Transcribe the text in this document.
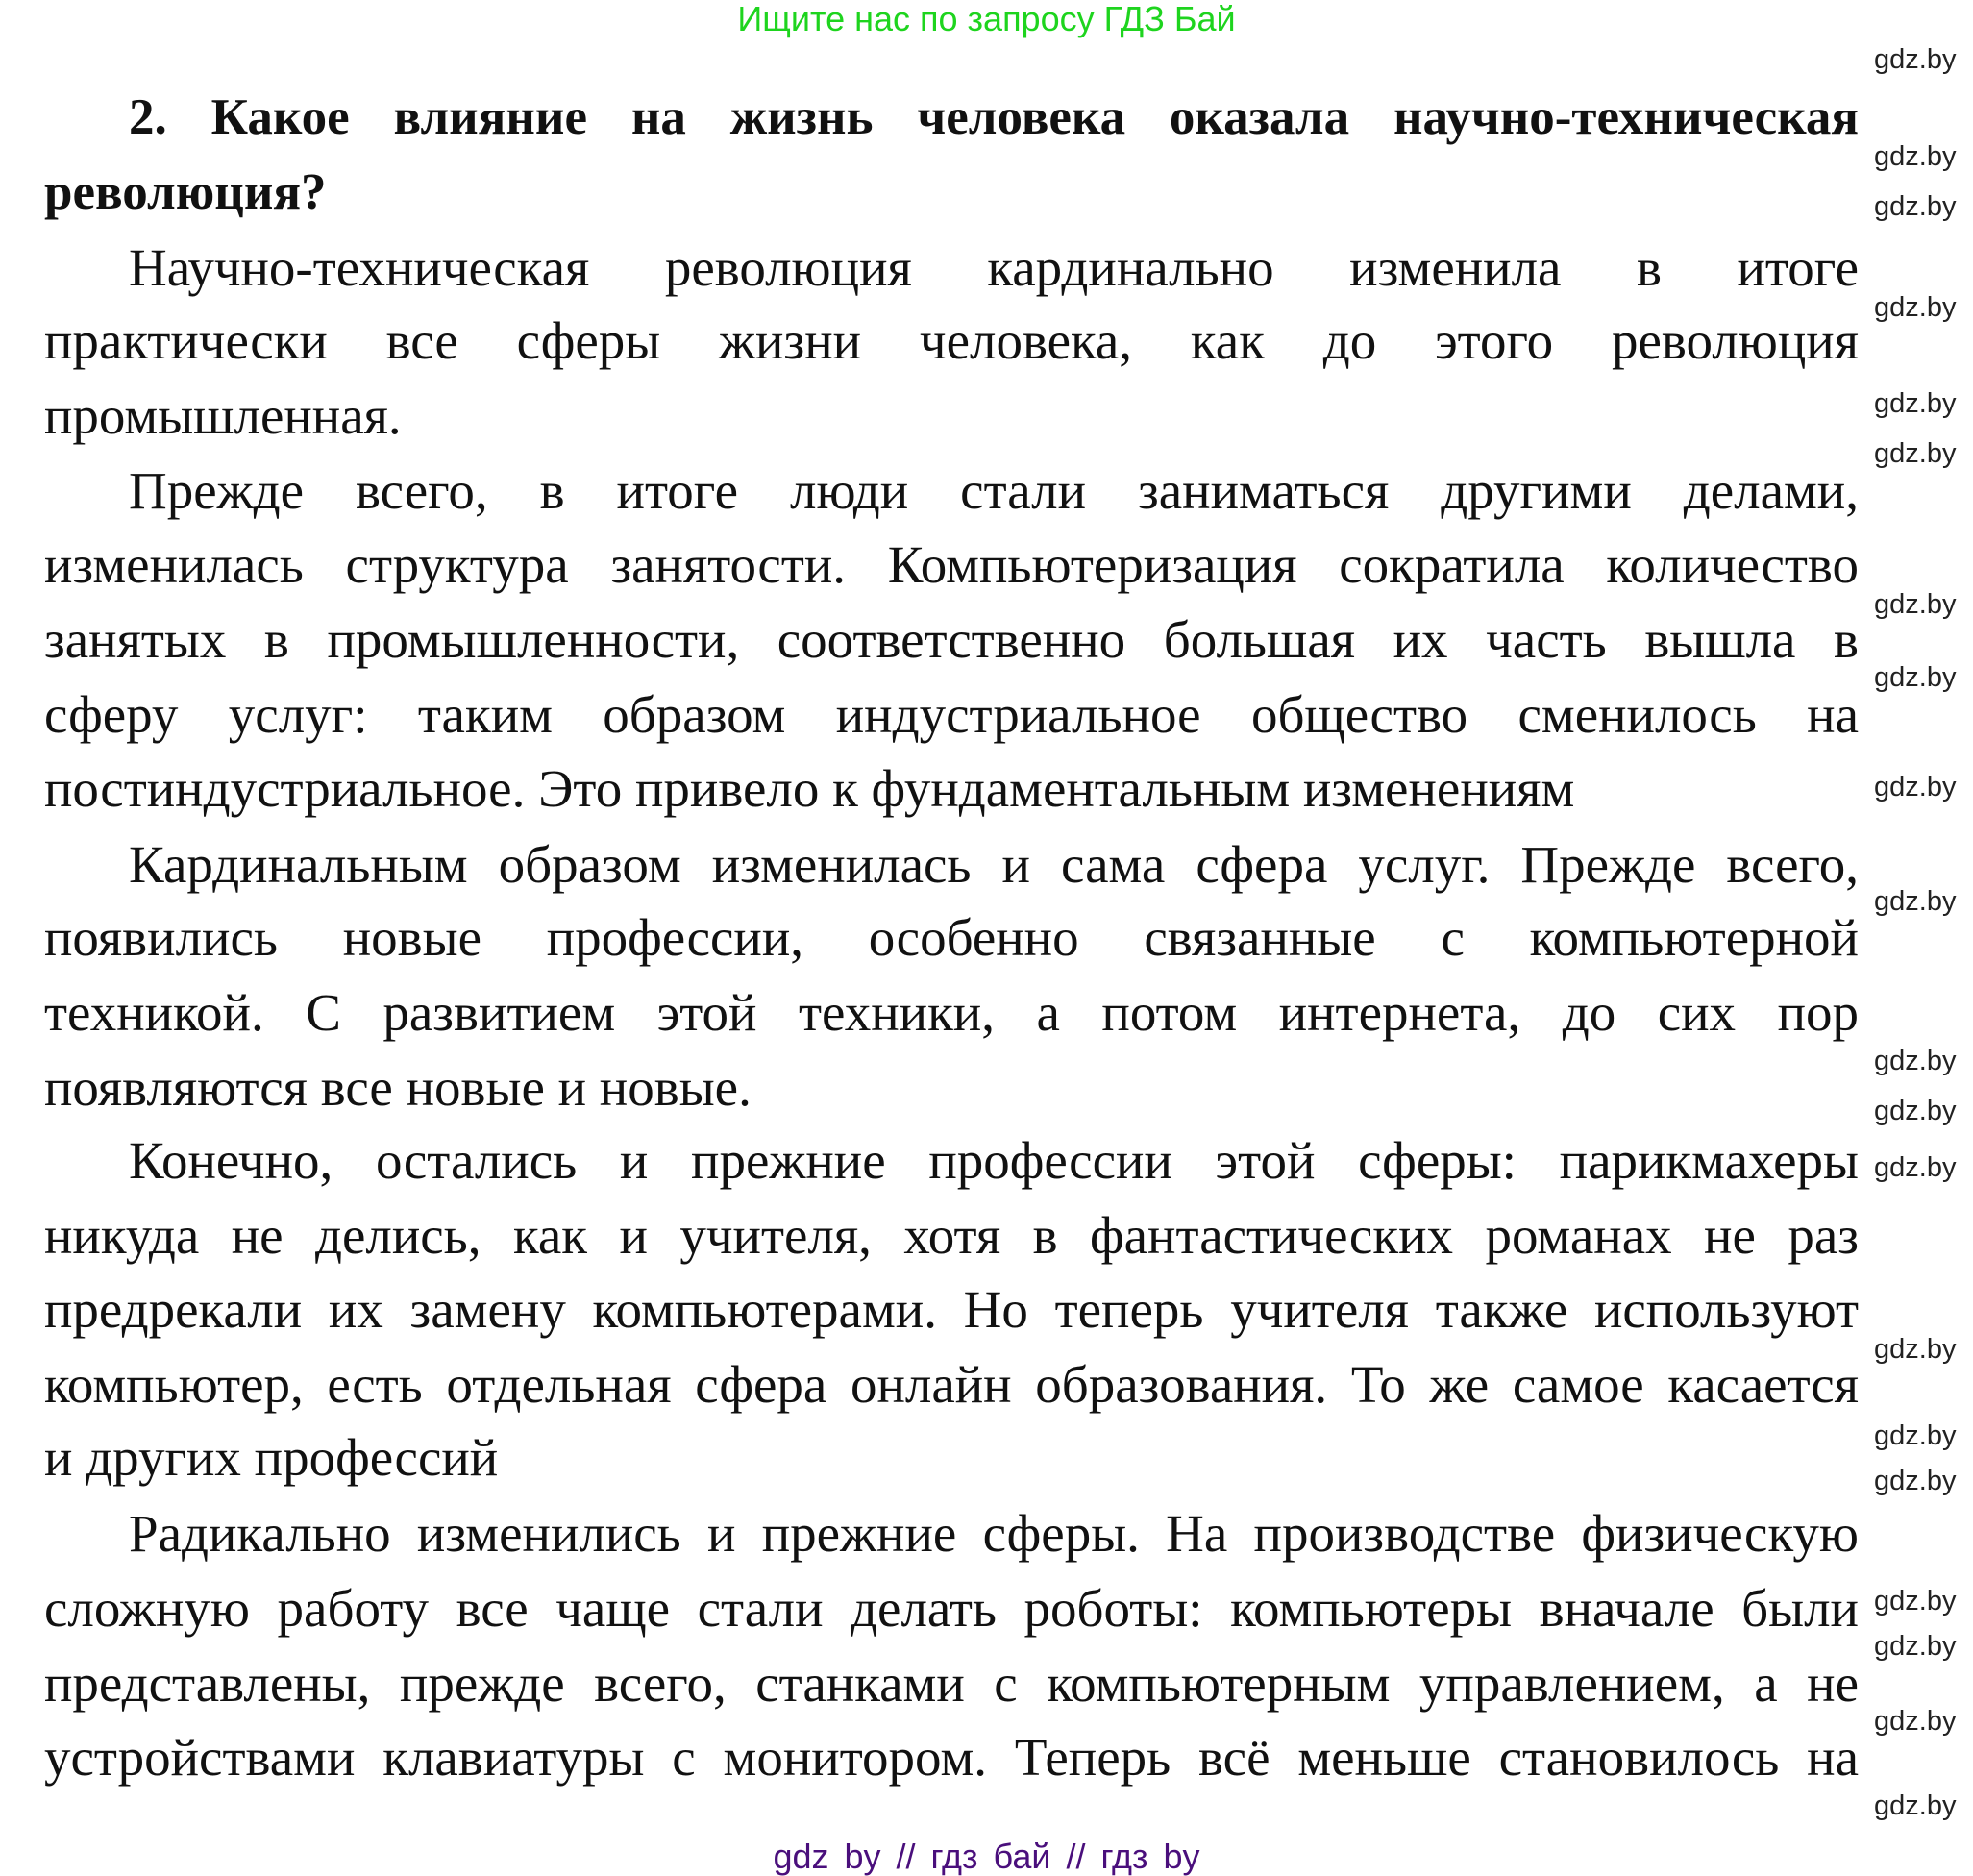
Ищите нас по запросу ГДЗ Бай
2. Какое влияние на жизнь человека оказала научно-техническая
революция?
Научно-техническая революция кардинально изменила в итоге
практически все сферы жизни человека, как до этого революция
промышленная.
Прежде всего, в итоге люди стали заниматься другими делами,
изменилась структура занятости. Компьютеризация сократила количество
занятых в промышленности, соответственно большая их часть вышла в
сферу услуг: таким образом индустриальное общество сменилось на
постиндустриальное. Это привело к фундаментальным изменениям
Кардинальным образом изменилась и сама сфера услуг. Прежде всего,
появились новые профессии, особенно связанные с компьютерной
техникой. С развитием этой техники, а потом интернета, до сих пор
появляются все новые и новые.
Конечно, остались и прежние профессии этой сферы: парикмахеры
никуда не делись, как и учителя, хотя в фантастических романах не раз
предрекали их замену компьютерами. Но теперь учителя также используют
компьютер, есть отдельная сфера онлайн образования. То же самое касается
и других профессий
Радикально изменились и прежние сферы. На производстве физическую
сложную работу все чаще стали делать роботы: компьютеры вначале были
представлены, прежде всего, станками с компьютерным управлением, а не
устройствами клавиатуры с монитором. Теперь всё меньше становилось на
gdz.by
gdz.by
gdz.by
gdz.by
gdz.by
gdz.by
gdz.by
gdz.by
gdz.by
gdz.by
gdz.by
gdz.by
gdz.by
gdz.by
gdz.by
gdz.by
gdz.by
gdz.by
gdz.by
gdz.by
gdz by // гдз бай // гдз by
